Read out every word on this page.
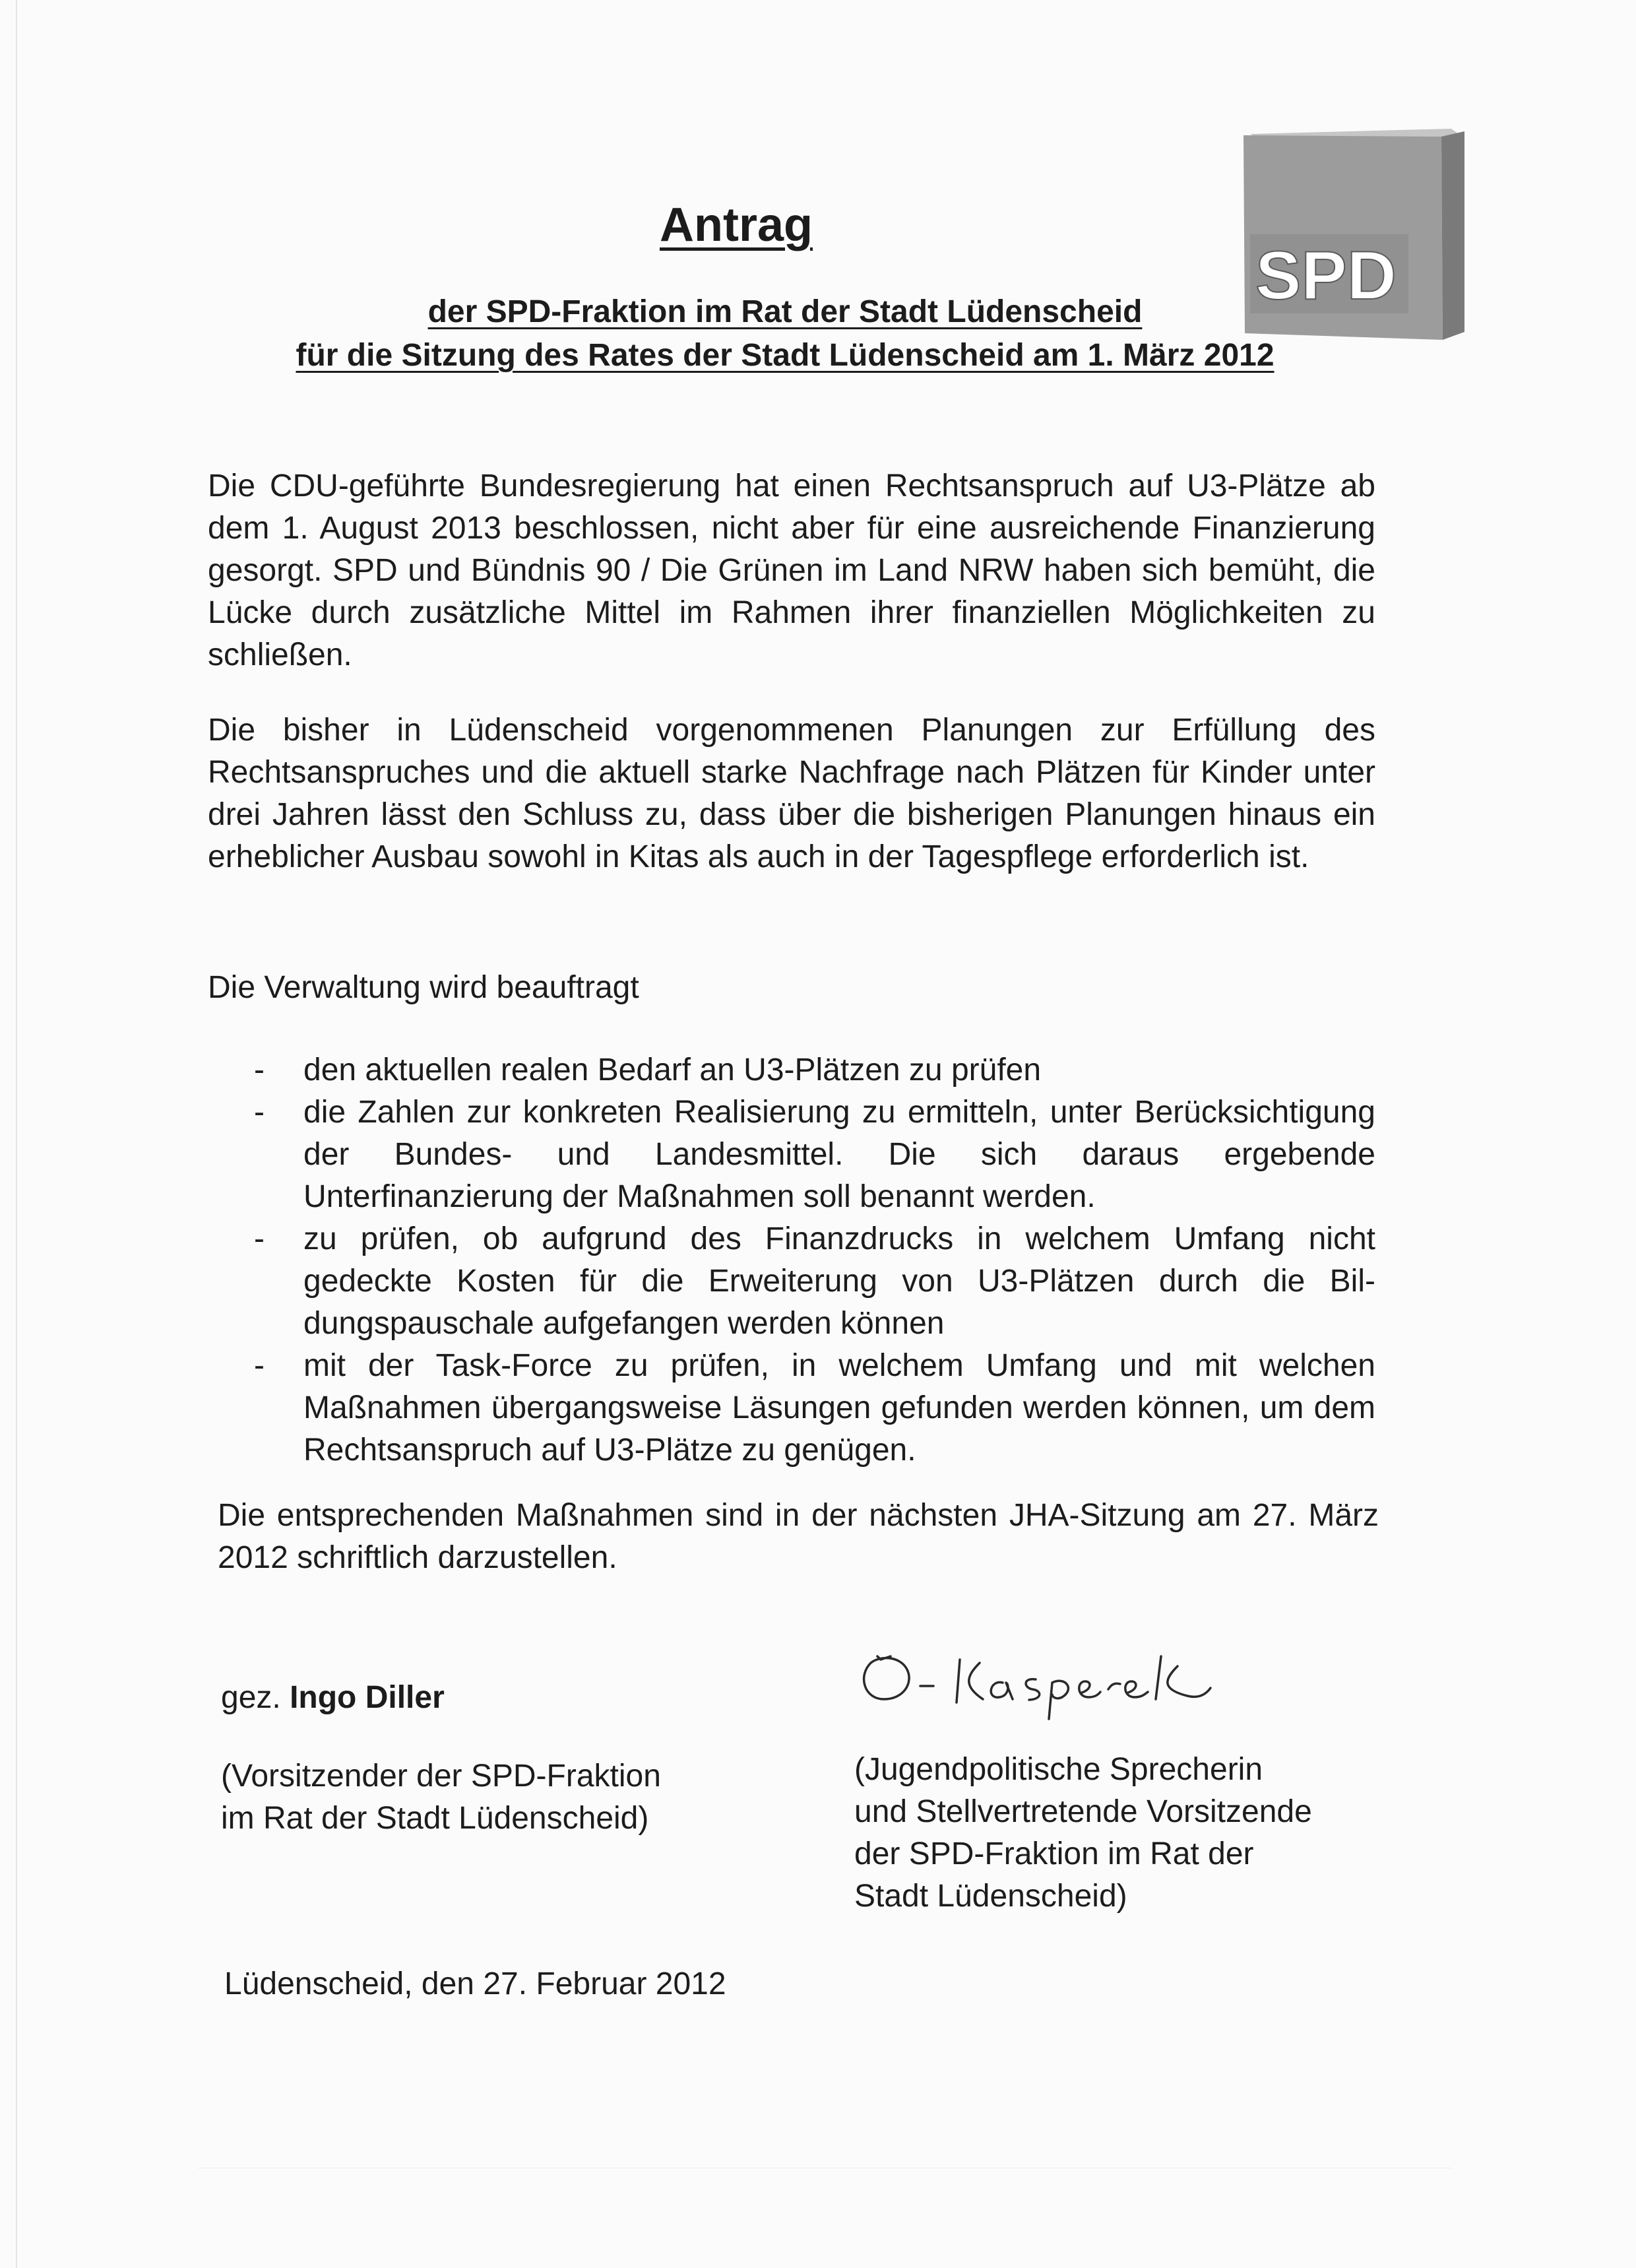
SPD
Antrag
der SPD-Fraktion im Rat der Stadt Lüdenscheid
für die Sitzung des Rates der Stadt Lüdenscheid am 1. März 2012

Die CDU-geführte Bundesregierung hat einen Rechtsanspruch auf U3-Plätze ab dem 1. August 2013 beschlossen, nicht aber für eine ausreichende Finanzierung gesorgt. SPD und Bündnis 90 / Die Grünen im Land NRW haben sich bemüht, die Lücke durch zusätzliche Mittel im Rahmen ihrer finanziellen Möglichkeiten zu schließen.

Die bisher in Lüdenscheid vorgenommenen Planungen zur Erfüllung des Rechtsanspruches und die aktuell starke Nachfrage nach Plätzen für Kinder unter drei Jahren lässt den Schluss zu, dass über die bisherigen Planungen hinaus ein erheblicher Ausbau sowohl in Kitas als auch in der Tagespflege erforderlich ist.

Die Verwaltung wird beauftragt

- den aktuellen realen Bedarf an U3-Plätzen zu prüfen
- die Zahlen zur konkreten Realisierung zu ermitteln, unter Berücksichtigung der Bundes- und Landesmittel. Die sich daraus ergebende Unterfinanzierung der Maßnahmen soll benannt werden.
- zu prüfen, ob aufgrund des Finanzdrucks in welchem Umfang nicht gedeckte Kosten für die Erweiterung von U3-Plätzen durch die Bildungspauschale aufgefangen werden können
- mit der Task-Force zu prüfen, in welchem Umfang und mit welchen Maßnahmen übergangsweise Läsungen gefunden werden können, um dem Rechtsanspruch auf U3-Plätze zu genügen.

Die entsprechenden Maßnahmen sind in der nächsten JHA-Sitzung am 27. März 2012 schriftlich darzustellen.

gez. Ingo Diller

(Vorsitzender der SPD-Fraktion
im Rat der Stadt Lüdenscheid)

(Jugendpolitische Sprecherin
und Stellvertretende Vorsitzende
der SPD-Fraktion im Rat der
Stadt Lüdenscheid)

Lüdenscheid, den 27. Februar 2012
